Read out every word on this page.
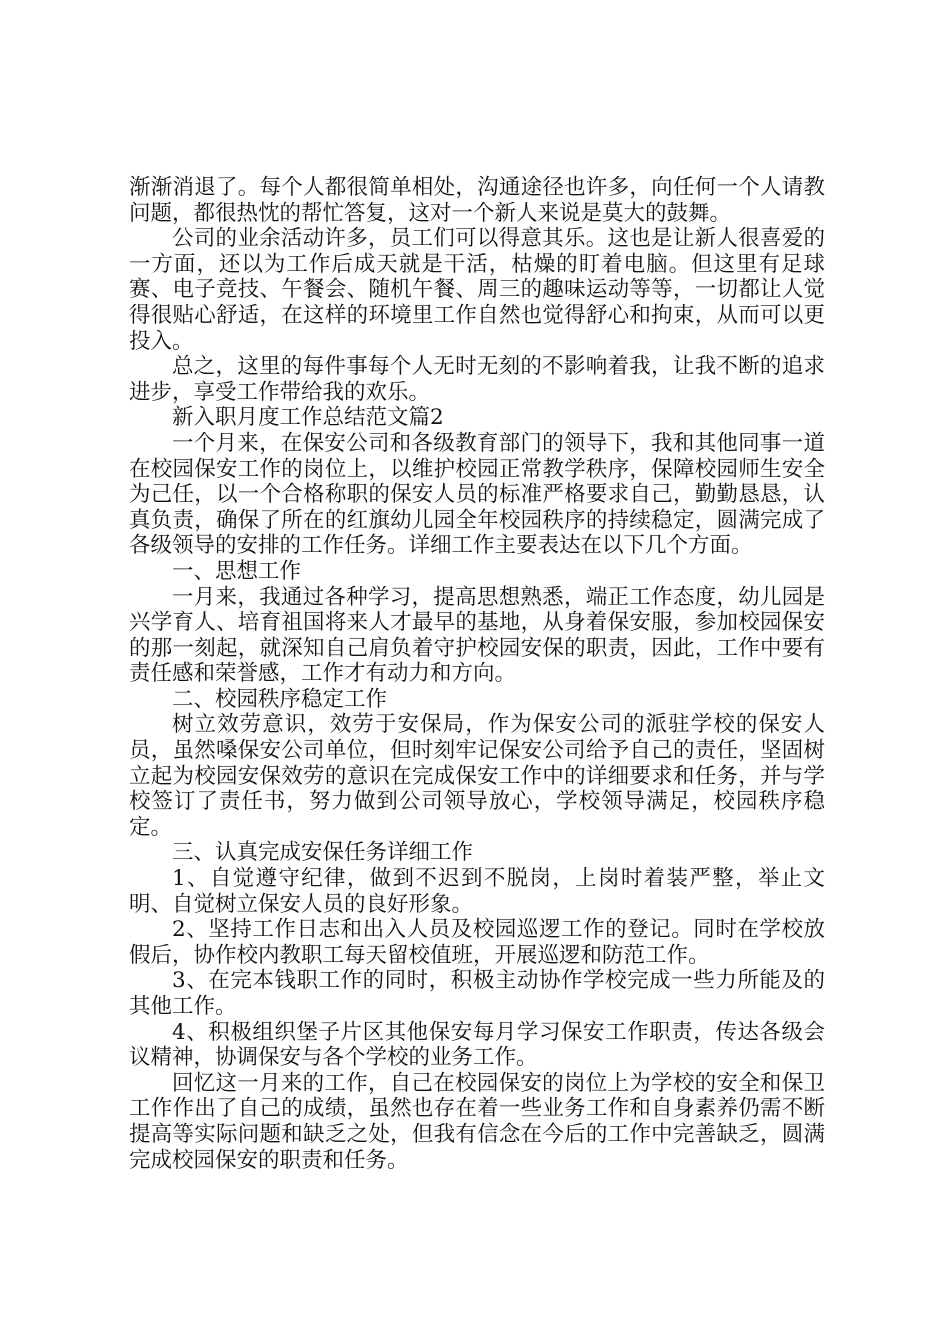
渐渐消退了。每个人都很简单相处，沟通途径也许多，向任何一个人请教问题，都很热忱的帮忙答复，这对一个新人来说是莫大的鼓舞。

公司的业余活动许多，员工们可以得意其乐。这也是让新人很喜爱的一方面，还以为工作后成天就是干活，枯燥的盯着电脑。但这里有足球赛、电子竞技、午餐会、随机午餐、周三的趣味运动等等，一切都让人觉得很贴心舒适，在这样的环境里工作自然也觉得舒心和拘束，从而可以更投入。

总之，这里的每件事每个人无时无刻的不影响着我，让我不断的追求进步，享受工作带给我的欢乐。

新入职月度工作总结范文篇2

一个月来，在保安公司和各级教育部门的领导下，我和其他同事一道在校园保安工作的岗位上，以维护校园正常教学秩序，保障校园师生安全为己任，以一个合格称职的保安人员的标准严格要求自己，勤勤恳恳，认真负责，确保了所在的红旗幼儿园全年校园秩序的持续稳定，圆满完成了各级领导的安排的工作任务。详细工作主要表达在以下几个方面。

一、思想工作

一月来，我通过各种学习，提高思想熟悉，端正工作态度，幼儿园是兴学育人、培育祖国将来人才最早的基地，从身着保安服，参加校园保安的那一刻起，就深知自己肩负着守护校园安保的职责，因此，工作中要有责任感和荣誉感，工作才有动力和方向。

二、校园秩序稳定工作

树立效劳意识，效劳于安保局，作为保安公司的派驻学校的保安人员，虽然嗓保安公司单位，但时刻牢记保安公司给予自己的责任，坚固树立起为校园安保效劳的意识在完成保安工作中的详细要求和任务，并与学校签订了责任书，努力做到公司领导放心，学校领导满足，校园秩序稳定。

三、认真完成安保任务详细工作

1、自觉遵守纪律，做到不迟到不脱岗，上岗时着装严整，举止文明、自觉树立保安人员的良好形象。

2、坚持工作日志和出入人员及校园巡逻工作的登记。同时在学校放假后，协作校内教职工每天留校值班，开展巡逻和防范工作。

3、在完本钱职工作的同时，积极主动协作学校完成一些力所能及的其他工作。

4、积极组织堡子片区其他保安每月学习保安工作职责，传达各级会议精神，协调保安与各个学校的业务工作。

回忆这一月来的工作，自己在校园保安的岗位上为学校的安全和保卫工作作出了自己的成绩，虽然也存在着一些业务工作和自身素养仍需不断提高等实际问题和缺乏之处，但我有信念在今后的工作中完善缺乏，圆满完成校园保安的职责和任务。
